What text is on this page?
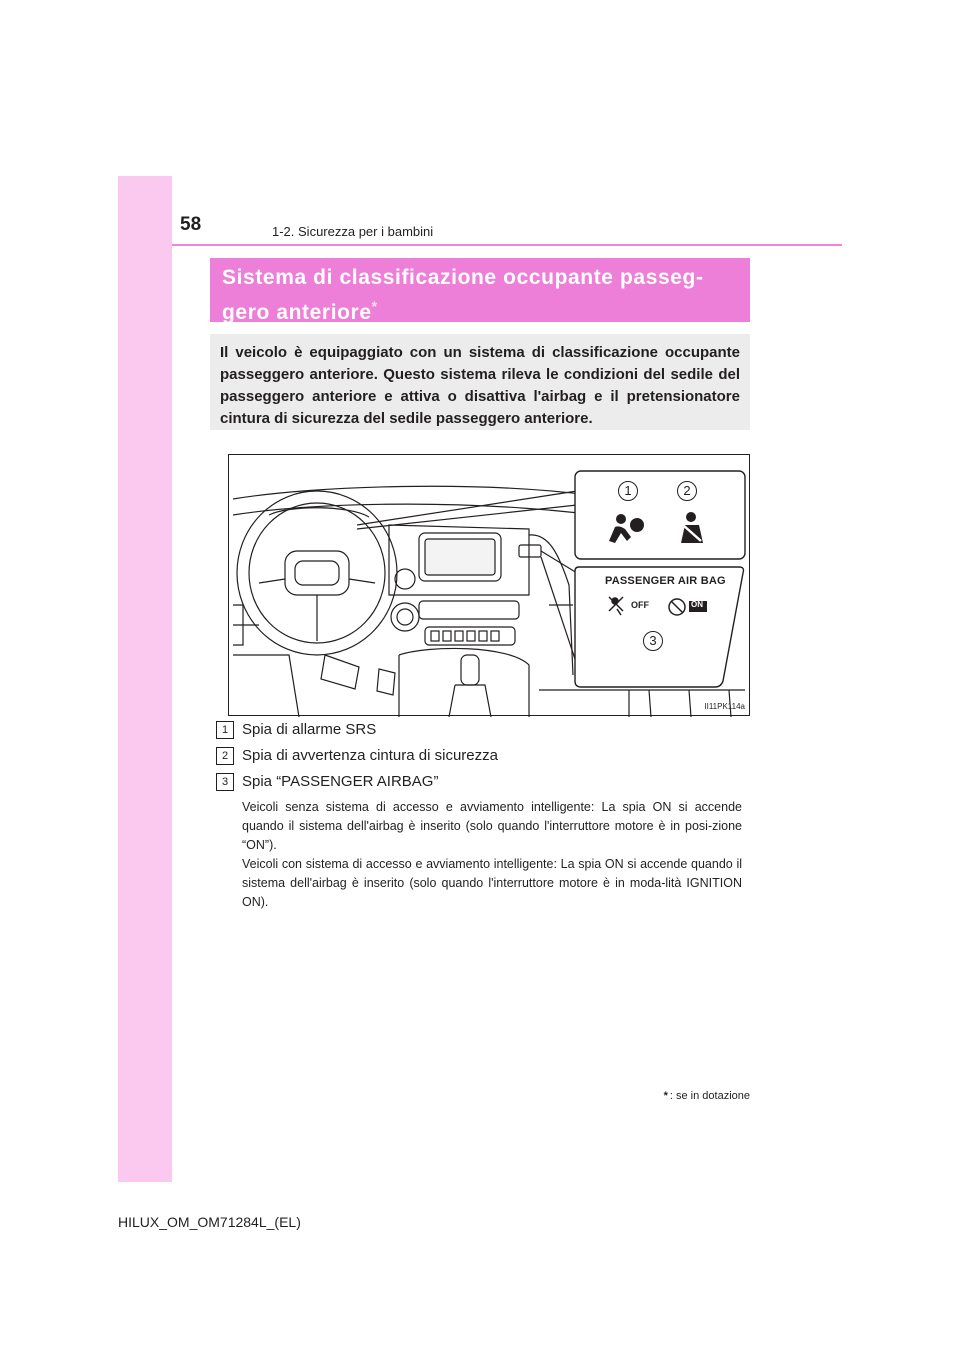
58	1-2. Sicurezza per i bambini
Sistema di classificazione occupante passeg-
gero anteriore*
Il veicolo è equipaggiato con un sistema di classificazione occupante passeggero anteriore. Questo sistema rileva le condizioni del sedile del passeggero anteriore e attiva o disattiva l'airbag e il pretensionatore cintura di sicurezza del sedile passeggero anteriore.
1	2
PASSENGER AIR BAG
OFF	ON
3
II11PK114a
1 Spia di allarme SRS
2 Spia di avvertenza cintura di sicurezza
3 Spia “PASSENGER AIRBAG”

Veicoli senza sistema di accesso e avviamento intelligente: La spia ON si accende quando il sistema dell'airbag è inserito (solo quando l'interruttore motore è in posi-zione “ON”).

Veicoli con sistema di accesso e avviamento intelligente: La spia ON si accende quando il sistema dell'airbag è inserito (solo quando l'interruttore motore è in moda-lità IGNITION ON).

* : se in dotazione
HILUX_OM_OM71284L_(EL)
